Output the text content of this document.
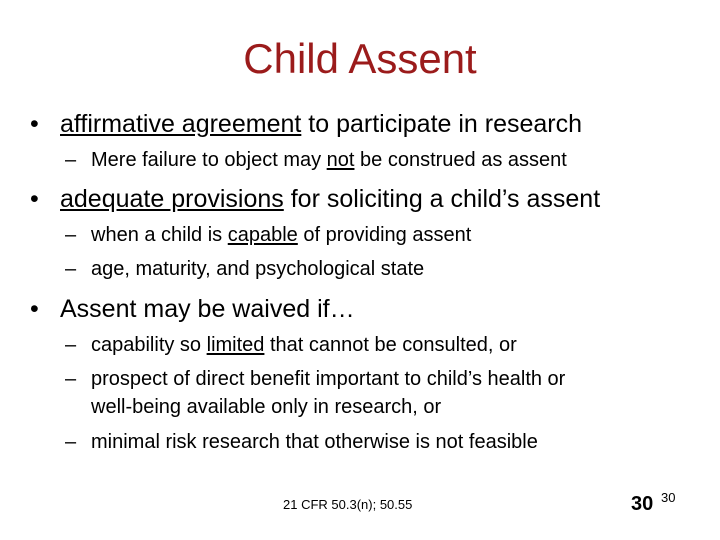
Child Assent
• affirmative agreement to participate in research
– Mere failure to object may not be construed as assent
• adequate provisions for soliciting a child’s assent
– when a child is capable of providing assent
– age, maturity, and psychological state
• Assent may be waived if…
– capability so limited that cannot be consulted, or
– prospect of direct benefit important to child’s health or
well-being available only in research, or
– minimal risk research that otherwise is not feasible
21 CFR 50.3(n); 50.55	30 30
